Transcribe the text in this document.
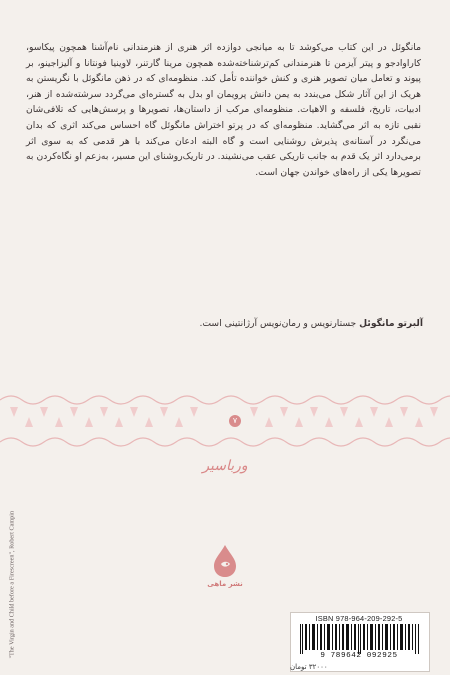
مانگوئل در این کتاب می‌کوشد تا به میانجی دوازده اثر هنری از هنرمندانی نام‌آشنا همچون پیکاسو، کاراوادجو و پیتر آیزمن تا هنرمندانی کم‌ترشناخته‌شده همچون مرینا گارتنر، لاوینیا فونتانا و آلیزاجینو، بر پیوند و تعامل میان تصویر هنری و کنش خواننده تأمل کند. منظومه‌ای که در ذهن مانگوئل با نگریستن به هریک از این آثار شکل می‌بندد به یمن دانش پرویمان او بدل به گستره‌ای می‌گردد سرشته‌شده از هنر، ادبیات، تاریخ، فلسفه و الاهیات. منظومه‌ای مرکب از داستان‌ها، تصویرها و پرسش‌هایی که تلافی‌شان نقبی تازه به اثر می‌گشاید. منظومه‌ای که در پرتو اختراش مانگوئل گاه احساس می‌کند اثری که بدان می‌نگرد در آستانه‌ی پذیرش روشنایی است و گاه البته ادعان می‌کند با هر قدمی که به سوی اثر برمی‌دارد اثر یک قدم به جانب تاریکی عقب می‌نشیند. در تاریک‌روشنای این مسیر، به‌زعم او نگاه‌کردن به تصویرها یکی از راه‌های خواندن جهان است.

آلبرتو مانگوئل جستارنویس و رمان‌نویس آرژانتینی است.
۷
ورباسیر
نشر ماهی
"The Virgin and Child before a Firescreen", Robert Campin	ISBN 978-964-209-292-5
9 789642 092925
۳۲۰۰۰ تومان
